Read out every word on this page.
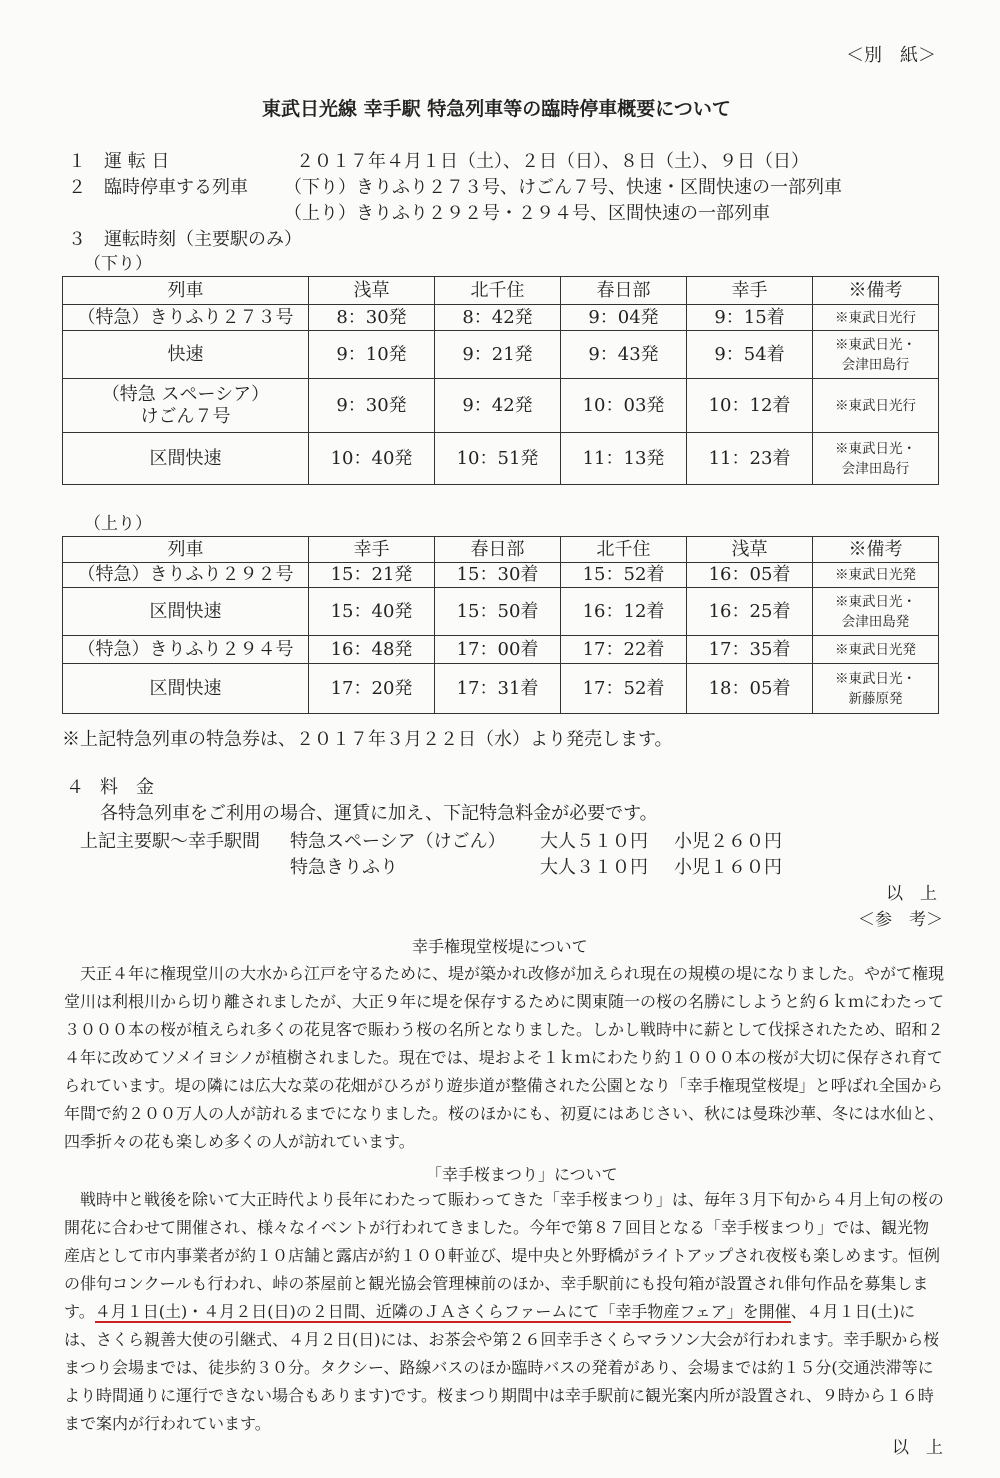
＜別　紙＞
東武日光線 幸手駅 特急列車等の臨時停車概要について
１ 運 転 日	２０１７年４月１日（土）、２日（日）、８日（土）、９日（日）
２ 臨時停車する列車 （下り）きりふり２７３号、けごん７号、快速・区間快速の一部列車
（上り）きりふり２９２号・２９４号、区間快速の一部列車
３ 運転時刻（主要駅のみ）
（下り）
列車	浅草	北千住	春日部	幸手	※備考
（特急）きりふり２７３号	8：30発	8：42発	9：04発	9：15着	※東武日光行
快速	9：10発	9：21発	9：43発	9：54着	※東武日光・
会津田島行

（特急 スペーシア）
けごん７号	9：30発	9：42発	10：03発	10：12着	※東武日光行
区間快速	10：40発	10：51発	11：13発	11：23着	※東武日光・
会津田島行
（上り）
列車	幸手	春日部	北千住	浅草	※備考
（特急）きりふり２９２号	15：21発	15：30着	15：52着	16：05着	※東武日光発
区間快速	15：40発	15：50着	16：12着	16：25着	※東武日光・
会津田島発

（特急）きりふり２９４号	16：48発	17：00着	17：22着	17：35着	※東武日光発
区間快速	17：20発	17：31着	17：52着	18：05着	※東武日光・
新藤原発
※上記特急列車の特急券は、２０１７年３月２２日（水）より発売します。
４ 料　金
各特急列車をご利用の場合、運賃に加え、下記特急料金が必要です。
上記主要駅～幸手駅間 特急スペーシア（けごん） 大人５１０円 小児２６０円
特急きりふり	大人３１０円 小児１６０円
以　上
＜参　考＞
幸手権現堂桜堤について

天正４年に権現堂川の大水から江戸を守るために、堤が築かれ改修が加えられ現在の規模の堤になりました。やがて権現堂川は利根川から切り離されましたが、大正９年に堤を保存するために関東随一の桜の名勝にしようと約６ｋｍにわたって３０００本の桜が植えられ多くの花見客で賑わう桜の名所となりました。しかし戦時中に薪として伐採されたため、昭和２４年に改めてソメイヨシノが植樹されました。現在では、堤およそ１ｋｍにわたり約１０００本の桜が大切に保存され育てられています。堤の隣には広大な菜の花畑がひろがり遊歩道が整備された公園となり「幸手権現堂桜堤」と呼ばれ全国から年間で約２００万人の人が訪れるまでになりました。桜のほかにも、初夏にはあじさい、秋には曼珠沙華、冬には水仙と、四季折々の花も楽しめ多くの人が訪れています。

「幸手桜まつり」について

戦時中と戦後を除いて大正時代より長年にわたって賑わってきた「幸手桜まつり」は、毎年３月下旬から４月上旬の桜の開花に合わせて開催され、様々なイベントが行われてきました。今年で第８７回目となる「幸手桜まつり」では、観光物産店として市内事業者が約１０店舗と露店が約１００軒並び、堤中央と外野橋がライトアップされ夜桜も楽しめます。恒例の俳句コンクールも行われ、峠の茶屋前と観光協会管理棟前のほか、幸手駅前にも投句箱が設置され俳句作品を募集します。４月１日(土)・４月２日(日)の２日間、近隣のＪＡさくらファームにて「幸手物産フェア」を開催、４月１日(土)には、さくら親善大使の引継式、４月２日(日)には、お茶会や第２６回幸手さくらマラソン大会が行われます。幸手駅から桜まつり会場までは、徒歩約３０分。タクシー、路線バスのほか臨時バスの発着があり、会場までは約１５分(交通渋滞等により時間通りに運行できない場合もあります)です。桜まつり期間中は幸手駅前に観光案内所が設置され、９時から１６時まで案内が行われています。

以　上
